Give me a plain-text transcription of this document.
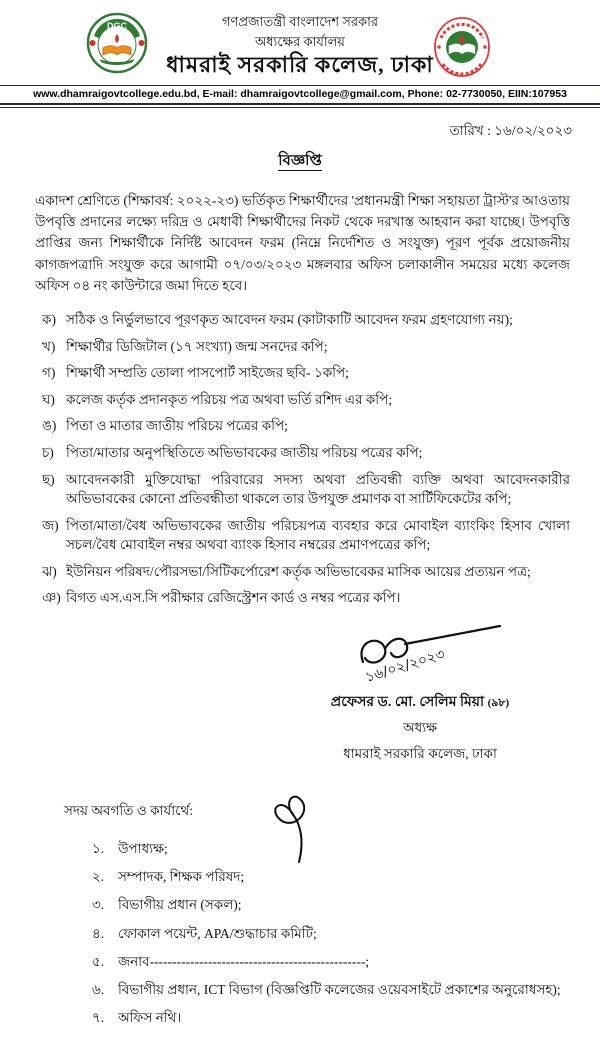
DGC	গণপ্রজাতন্ত্রী বাংলাদেশ সরকার
অধ্যক্ষের কার্যালয়
ধামরাই সরকারি কলেজ, ঢাকা
www.dhamraigovtcollege.edu.bd, E-mail: dhamraigovtcollege@gmail.com, Phone: 02-7730050, EIIN:107953
তারিখ : ১৬/০২/২০২৩
বিজ্ঞপ্তি

একাদশ শ্রেণিতে (শিক্ষাবর্ষ: ২০২২-২৩) ভর্তিকৃত শিক্ষার্থীদের 'প্রধানমন্ত্রী শিক্ষা সহায়তা ট্রাস্ট'র আওতায় উপবৃত্তি প্রদানের লক্ষ্যে দরিদ্র ও মেধাবী শিক্ষার্থীদের নিকট থেকে দরখাস্ত আহবান করা যাচ্ছে। উপবৃত্তি প্রাপ্তির জন্য শিক্ষার্থীকে নির্দিষ্ট আবেদন ফরম (নিম্নে নির্দেশিত ও সংযুক্ত) পূরণ পূর্বক প্রয়োজনীয় কাগজপত্রাদি সংযুক্ত করে আগামী ০৭/০৩/২০২৩ মঙ্গলবার অফিস চলাকালীন সময়ের মধ্যে কলেজ অফিস ০৪ নং কাউন্টারে জমা দিতে হবে।

ক) সঠিক ও নির্ভুলভাবে পূরণকৃত আবেদন ফরম (কাটাকাটি আবেদন ফরম গ্রহণযোগ্য নয়);
খ) শিক্ষার্থীর ডিজিটাল (১৭ সংখ্যা) জন্ম সনদের কপি;
গ) শিক্ষার্থী সম্প্রতি তোলা পাসপোর্ট সাইজের ছবি- ১কপি;
ঘ) কলেজ কর্তৃক প্রদানকৃত পরিচয় পত্র অথবা ভর্তি রশিদ এর কপি;
ঙ) পিতা ও মাতার জাতীয় পরিচয় পত্রের কপি;
চ) পিতা/মাতার অনুপস্থিতিতে অভিভাবকের জাতীয় পরিচয় পত্রের কপি;
ছ) আবেদনকারী মুক্তিযোদ্ধা পরিবারের সদস্য অথবা প্রতিবন্ধী ব্যক্তি অথবা আবেদনকারীর অভিভাবকের কোনো প্রতিবন্ধীতা থাকলে তার উপযুক্ত প্রমাণক বা সার্টিফিকেটের কপি;
জ) পিতা/মাতা/বৈধ অভিভাবকের জাতীয় পরিচয়পত্র ব্যবহার করে মোবাইল ব্যাংকিং হিসাব খোলা সচল/বৈধ মোবাইল নম্বর অথবা ব্যাংক হিসাব নম্বরের প্রমাণপত্রের কপি;
ঝ) ইউনিয়ন পরিষদ/পৌরসভা/সিটিকর্পোরেশ কর্তৃক অভিভাবেকর মাসিক আয়ের প্রত্যয়ন পত্র;
ঞ) বিগত এস.এস.সি পরীক্ষার রেজিস্ট্রেশন কার্ড ও নম্বর পত্রের কপি।
১৬/০২/২০২৩
প্রফেসর ড. মো. সেলিম মিয়া (৯৮)
অধ্যক্ষ
ধামরাই সরকারি কলেজ, ঢাকা
সদয় অবগতি ও কার্যার্থে:
১.	উপাধ্যক্ষ;
২.	সম্পাদক, শিক্ষক পরিষদ;
৩.	বিভাগীয় প্রধান (সকল);
৪.	ফোকাল পয়েন্ট, APA/শুদ্ধাচার কমিটি;
৫.	জনাব------------------------------------------------;
৬.	বিভাগীয় প্রধান, ICT বিভাগ (বিজ্ঞপ্তিটি কলেজের ওয়েবসাইটে প্রকাশের অনুরোধসহ);
৭.	অফিস নথি।
